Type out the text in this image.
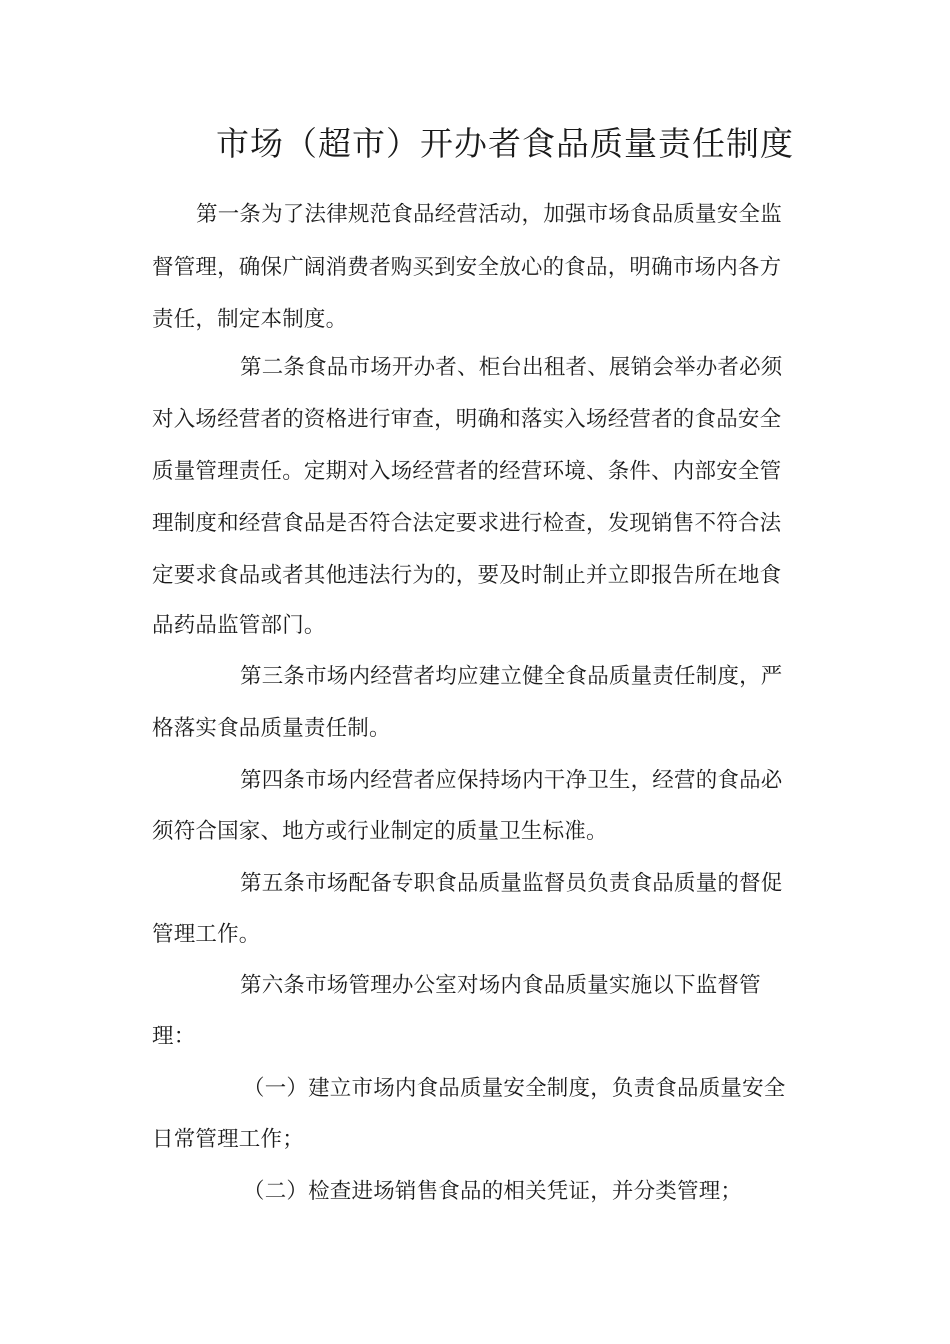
市场（超市）开办者食品质量责任制度
第一条为了法律规范食品经营活动，加强市场食品质量安全监
督管理，确保广阔消费者购买到安全放心的食品，明确市场内各方
责任，制定本制度。
第二条食品市场开办者、柜台出租者、展销会举办者必须
对入场经营者的资格进行审查，明确和落实入场经营者的食品安全
质量管理责任。定期对入场经营者的经营环境、条件、内部安全管
理制度和经营食品是否符合法定要求进行检查，发现销售不符合法
定要求食品或者其他违法行为的，要及时制止并立即报告所在地食
品药品监管部门。
第三条市场内经营者均应建立健全食品质量责任制度，严
格落实食品质量责任制。
第四条市场内经营者应保持场内干净卫生，经营的食品必
须符合国家、地方或行业制定的质量卫生标准。
第五条市场配备专职食品质量监督员负责食品质量的督促
管理工作。
第六条市场管理办公室对场内食品质量实施以下监督管
理：
（一）建立市场内食品质量安全制度，负责食品质量安全
日常管理工作；
（二）检查进场销售食品的相关凭证，并分类管理；
